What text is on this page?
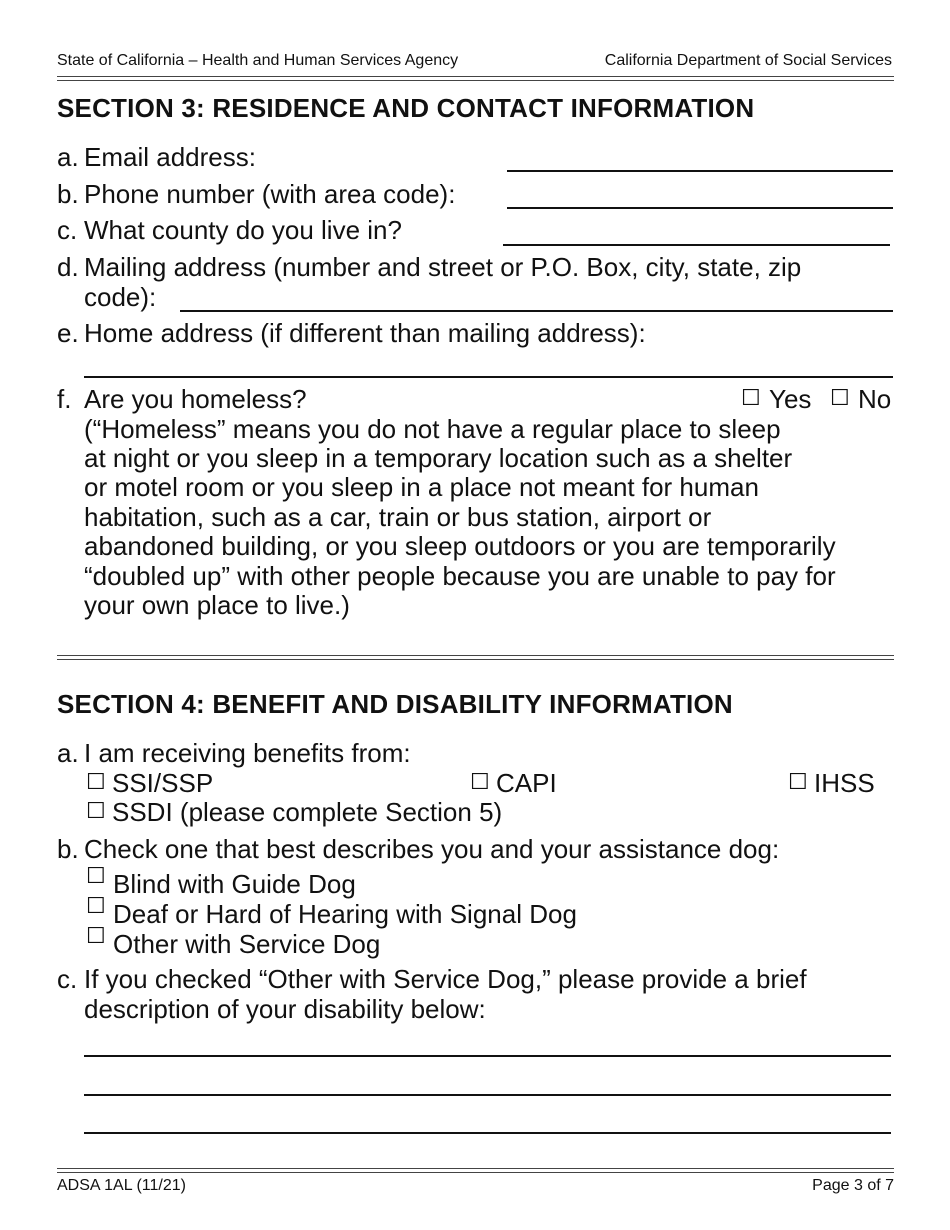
State of California – Health and Human Services Agency	California Department of Social Services
SECTION 3: RESIDENCE AND CONTACT INFORMATION
a. Email address:
b. Phone number (with area code):
c. What county do you live in?
d. Mailing address (number and street or P.O. Box, city, state, zip
code):
e. Home address (if different than mailing address):
f. Are you homeless?	☐ Yes ☐ No
(“Homeless” means you do not have a regular place to sleep
at night or you sleep in a temporary location such as a shelter
or motel room or you sleep in a place not meant for human
habitation, such as a car, train or bus station, airport or
abandoned building, or you sleep outdoors or you are temporarily
“doubled up” with other people because you are unable to pay for
your own place to live.)
SECTION 4: BENEFIT AND DISABILITY INFORMATION
a. I am receiving benefits from:
☐ SSI/SSP	☐ CAPI	☐ IHSS
☐ SSDI (please complete Section 5)
b. Check one that best describes you and your assistance dog:
☐ Blind with Guide Dog
☐ Deaf or Hard of Hearing with Signal Dog
☐ Other with Service Dog
c. If you checked “Other with Service Dog,” please provide a brief
description of your disability below:
ADSA 1AL (11/21)	Page 3 of 7
